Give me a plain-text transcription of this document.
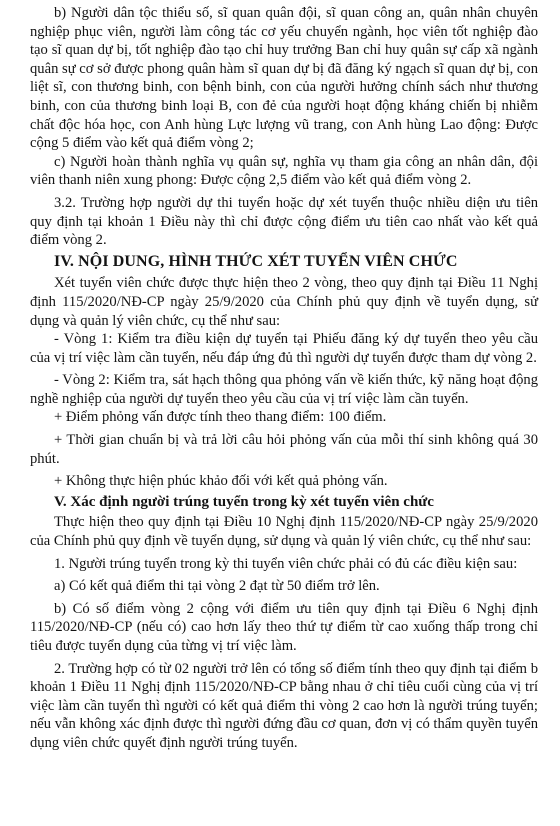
b) Người dân tộc thiểu số, sĩ quan quân đội, sĩ quan công an, quân nhân chuyên nghiệp phục viên, người làm công tác cơ yếu chuyển ngành, học viên tốt nghiệp đào tạo sĩ quan dự bị, tốt nghiệp đào tạo chỉ huy trưởng Ban chỉ huy quân sự cấp xã ngành quân sự cơ sở được phong quân hàm sĩ quan dự bị đã đăng ký ngạch sĩ quan dự bị, con liệt sĩ, con thương binh, con bệnh binh, con của người hưởng chính sách như thương binh, con của thương binh loại B, con đẻ của người hoạt động kháng chiến bị nhiễm chất độc hóa học, con Anh hùng Lực lượng vũ trang, con Anh hùng Lao động: Được cộng 5 điểm vào kết quả điểm vòng 2;

c) Người hoàn thành nghĩa vụ quân sự, nghĩa vụ tham gia công an nhân dân, đội viên thanh niên xung phong: Được cộng 2,5 điểm vào kết quả điểm vòng 2.

3.2. Trường hợp người dự thi tuyển hoặc dự xét tuyển thuộc nhiều diện ưu tiên quy định tại khoản 1 Điều này thì chỉ được cộng điểm ưu tiên cao nhất vào kết quả điểm vòng 2.

IV. NỘI DUNG, HÌNH THỨC XÉT TUYỂN VIÊN CHỨC

Xét tuyển viên chức được thực hiện theo 2 vòng, theo quy định tại Điều 11 Nghị định 115/2020/NĐ-CP ngày 25/9/2020 của Chính phủ quy định về tuyển dụng, sử dụng và quản lý viên chức, cụ thể như sau:

- Vòng 1: Kiểm tra điều kiện dự tuyển tại Phiếu đăng ký dự tuyển theo yêu cầu của vị trí việc làm cần tuyển, nếu đáp ứng đủ thì người dự tuyển được tham dự vòng 2.

- Vòng 2: Kiểm tra, sát hạch thông qua phỏng vấn về kiến thức, kỹ năng hoạt động nghề nghiệp của người dự tuyển theo yêu cầu của vị trí việc làm cần tuyển.

+ Điểm phỏng vấn được tính theo thang điểm: 100 điểm.

+ Thời gian chuẩn bị và trả lời câu hỏi phỏng vấn của mỗi thí sinh không quá 30 phút.

+ Không thực hiện phúc khảo đối với kết quả phỏng vấn.

V. Xác định người trúng tuyển trong kỳ xét tuyển viên chức

Thực hiện theo quy định tại Điều 10 Nghị định 115/2020/NĐ-CP ngày 25/9/2020 của Chính phủ quy định về tuyển dụng, sử dụng và quản lý viên chức, cụ thể như sau:

1. Người trúng tuyển trong kỳ thi tuyển viên chức phải có đủ các điều kiện sau:

a) Có kết quả điểm thi tại vòng 2 đạt từ 50 điểm trở lên.

b) Có số điểm vòng 2 cộng với điểm ưu tiên quy định tại Điều 6 Nghị định 115/2020/NĐ-CP (nếu có) cao hơn lấy theo thứ tự điểm từ cao xuống thấp trong chỉ tiêu được tuyển dụng của từng vị trí việc làm.

2. Trường hợp có từ 02 người trở lên có tổng số điểm tính theo quy định tại điểm b khoản 1 Điều 11 Nghị định 115/2020/NĐ-CP bằng nhau ở chỉ tiêu cuối cùng của vị trí việc làm cần tuyển thì người có kết quả điểm thi vòng 2 cao hơn là người trúng tuyển; nếu vẫn không xác định được thì người đứng đầu cơ quan, đơn vị có thẩm quyền tuyển dụng viên chức quyết định người trúng tuyển.
